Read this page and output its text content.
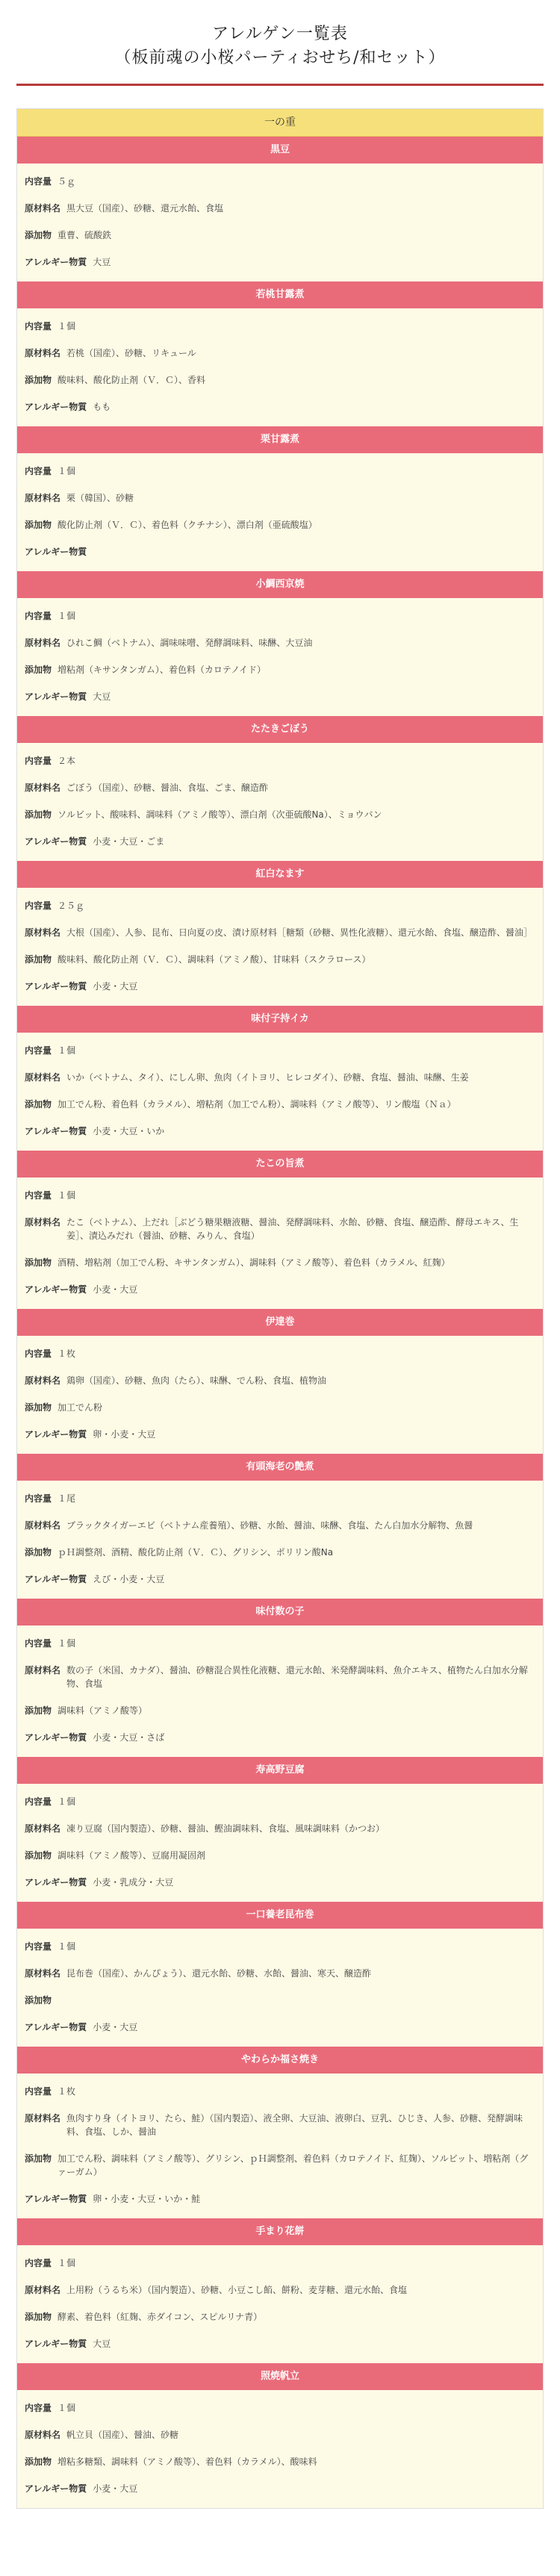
アレルゲン一覧表
（板前魂の小桜パーティおせち/和セット）
一の重
黒豆
内容量 ５ｇ
原材料名 黒大豆（国産）、砂糖、還元水飴、食塩
添加物 重曹、硫酸鉄
アレルギー物質 大豆
若桃甘露煮
内容量 １個
原材料名 若桃（国産）、砂糖、リキュール
添加物 酸味料、酸化防止剤（Ｖ．Ｃ）、香料
アレルギー物質 もも
栗甘露煮
内容量 １個
原材料名 栗（韓国）、砂糖
添加物 酸化防止剤（Ｖ．Ｃ）、着色料（クチナシ）、漂白剤（亜硫酸塩）
アレルギー物質
小鯛西京焼
内容量 １個
原材料名 ひれこ鯛（ベトナム）、調味味噌、発酵調味料、味醂、大豆油
添加物 増粘剤（キサンタンガム）、着色料（カロテノイド）
アレルギー物質 大豆
たたきごぼう
内容量 ２本
原材料名 ごぼう（国産）、砂糖、醤油、食塩、ごま、醸造酢
添加物 ソルビット、酸味料、調味料（アミノ酸等）、漂白剤（次亜硫酸Na）、ミョウバン
アレルギー物質 小麦・大豆・ごま
紅白なます
内容量 ２５ｇ
原材料名 大根（国産）、人参、昆布、日向夏の皮、漬け原材料［糖類（砂糖、異性化液糖）、還元水飴、食塩、醸造酢、醤油］
添加物 酸味料、酸化防止剤（Ｖ．Ｃ）、調味料（アミノ酸）、甘味料（スクラロース）
アレルギー物質 小麦・大豆
味付子持イカ
内容量 １個
原材料名 いか（ベトナム、タイ）、にしん卵、魚肉（イトヨリ、ヒレコダイ）、砂糖、食塩、醤油、味醂、生姜
添加物 加工でん粉、着色料（カラメル）、増粘剤（加工でん粉）、調味料（アミノ酸等）、リン酸塩（Ｎａ）
アレルギー物質 小麦・大豆・いか
たこの旨煮
内容量 １個
原材料名 たこ（ベトナム）、上だれ［ぶどう糖果糖液糖、醤油、発酵調味料、水飴、砂糖、食塩、醸造酢、酵母エキス、生姜］、漬込みだれ（醤油、砂糖、みりん、食塩）
添加物 酒精、増粘剤（加工でん粉、キサンタンガム）、調味料（アミノ酸等）、着色料（カラメル、紅麹）
アレルギー物質 小麦・大豆
伊達巻
内容量 １枚
原材料名 鶏卵（国産）、砂糖、魚肉（たら）、味醂、でん粉、食塩、植物油
添加物 加工でん粉
アレルギー物質 卵・小麦・大豆
有頭海老の艶煮
内容量 １尾
原材料名 ブラックタイガーエビ（ベトナム産養殖）、砂糖、水飴、醤油、味醂、食塩、たん白加水分解物、魚醤
添加物 ｐＨ調整剤、酒精、酸化防止剤（Ｖ．Ｃ）、グリシン、ポリリン酸Na
アレルギー物質 えび・小麦・大豆
味付数の子
内容量 １個
原材料名 数の子（米国、カナダ）、醤油、砂糖混合異性化液糖、還元水飴、米発酵調味料、魚介エキス、植物たん白加水分解物、食塩
添加物 調味料（アミノ酸等）
アレルギー物質 小麦・大豆・さば
寿高野豆腐
内容量 １個
原材料名 凍り豆腐（国内製造）、砂糖、醤油、鰹油調味料、食塩、風味調味料（かつお）
添加物 調味料（アミノ酸等）、豆腐用凝固剤
アレルギー物質 小麦・乳成分・大豆
一口養老昆布巻
内容量 １個
原材料名 昆布巻（国産）、かんぴょう）、還元水飴、砂糖、水飴、醤油、寒天、醸造酢
添加物
アレルギー物質 小麦・大豆
やわらか福さ焼き
内容量 １枚
原材料名 魚肉すり身（イトヨリ、たら、鮭）（国内製造）、液全卵、大豆油、液卵白、豆乳、ひじき、人参、砂糖、発酵調味料、食塩、しか、醤油
添加物 加工でん粉、調味料（アミノ酸等）、グリシン、ｐＨ調整剤、着色料（カロテノイド、紅麹）、ソルビット、増粘剤（グァーガム）
アレルギー物質 卵・小麦・大豆・いか・鮭
手まり花餅
内容量 １個
原材料名 上用粉（うるち米）（国内製造）、砂糖、小豆こし餡、餅粉、麦芽糖、還元水飴、食塩
添加物 酵素、着色料（紅麹、赤ダイコン、スピルリナ青）
アレルギー物質 大豆
照焼帆立
内容量 １個
原材料名 帆立貝（国産）、醤油、砂糖
添加物 増粘多糖類、調味料（アミノ酸等）、着色料（カラメル）、酸味料
アレルギー物質 小麦・大豆
